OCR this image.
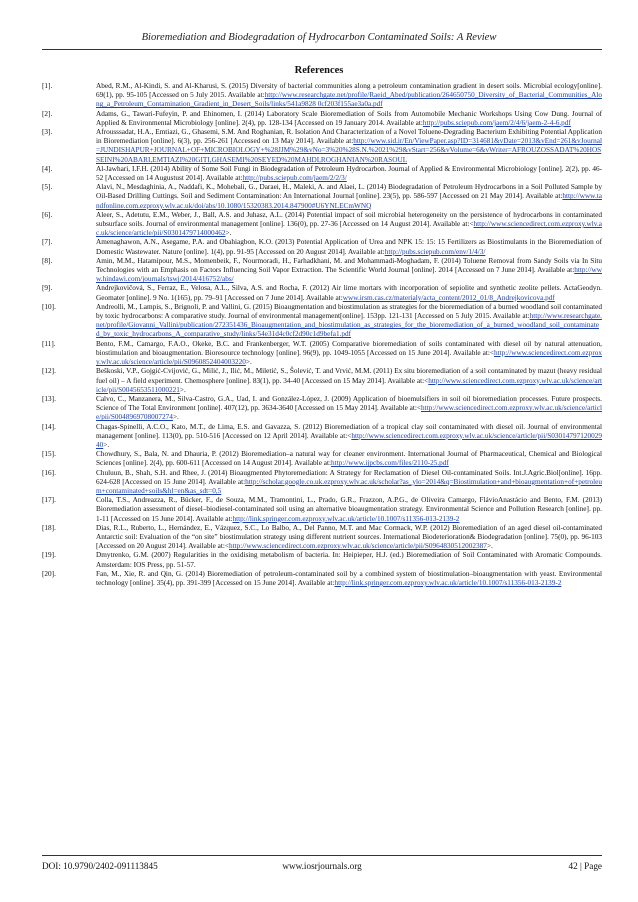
Bioremediation and Biodegradation of Hydrocarbon Contaminated Soils: A Review
References
[1].	Abed, R.M., Al-Kindi, S. and Al-Kharusi, S. (2015) Diversity of bacterial communities along a petroleum contamination gradient in desert soils. Microbial ecology[online]. 69(1), pp. 95-105 [Accessed on 5 July 2015. Available at:http://www.researchgate.net/profile/Raeid_Abed/publication/264650750_Diversity_of_Bacterial_Communities_Along_a_Petroleum_Contamination_Gradient_in_Desert_Soils/links/541a9828 0cf203f155ae3a0a.pdf
[2].	Adams, G., Tawari-Fufeyin, P. and Ehinomen, I. (2014) Laboratory Scale Bioremediation of Soils from Automobile Mechanic Workshops Using Cow Dung. Journal of Applied & Environmental Microbiology [online]. 2(4), pp. 128-134 [Accessed on 19 January 2014. Available at:http://pubs.sciepub.com/jaem/2/4/6/jaem-2-4-6.pdf
[3].	Afrousssadat, H.A., Emtiazi, G., Ghasemi, S.M. And Roghanian, R. Isolation And Characterization of a Novel Toluene-Degrading Bacterium Exhibiting Potential Application in Bioremediation [online]. 6(3), pp. 256-261 [Accessed on 13 May 2014]. Available at:http://www.sid.ir/En/ViewPaper.asp?ID=314681&vDate=2013&vEnd=261&vJournal=JUNDISHAPUR+JOURNAL+OF+MICROBIOLOGY+%28JJM%29&vNo=3%20%28S.N.%2021%29&vStart=256&vVolume=6&vWriter=AFROUZOSSADAT%20HOSSEINI%20ABARI,EMTIAZI%20GITI,GHASEMI%20SEYED%20MAHDI,ROGHANIAN%20RASOUL
[4].	Al-Jawhari, I.F.H. (2014) Ability of Some Soil Fungi in Biodegradation of Petroleum Hydrocarbon. Journal of Applied & Environmental Microbiology [online]. 2(2), pp. 46-52 [Accessed on 14 Augustust 2014]. Available at:http://pubs.sciepub.com/jaem/2/2/3/
[5].	Alavi, N., Mesdaghinia, A., Naddafi, K., Mohebali, G., Daraei, H., Maleki, A. and Alaei, L. (2014) Biodegradation of Petroleum Hydrocarbons in a Soil Polluted Sample by Oil-Based Drilling Cuttings. Soil and Sediment Contamination: An International Journal [online]. 23(5), pp. 586-597 [Accessed on 21 May 2014]. Available at:http://www.tandfonline.com.ezproxy.wlv.ac.uk/doi/abs/10.1080/15320383.2014.847900#U6YNLECmWNQ
[6].	Aleer, S., Adetutu, E.M., Weber, J., Ball, A.S. and Juhasz, A.L. (2014) Potential impact of soil microbial heterogeneity on the persistence of hydrocarbons in contaminated subsurface soils. Journal of environmental management [online]. 136(0), pp. 27-36 [Accessed on 14 August 2014]. Available at:<http://www.sciencedirect.com.ezproxy.wlv.ac.uk/science/article/pii/S0301479714000462>.
[7].	Amenaghawon, A.N., Asegame, P.A. and Obahiagbon, K.O. (2013) Potential Application of Urea and NPK 15: 15: 15 Fertilizers as Biostimulants in the Bioremediation of Domestic Wastewater. Nature [online]. 1(4), pp. 91-95 [Accessed on 20 August 2014]. Available at:http://pubs.sciepub.com/env/1/4/3/
[8].	Amin, M.M., Hatamipour, M.S., Momenbeik, F., Nourmoradi, H., Farhadkhani, M. and Mohammadi-Moghadam, F. (2014) Toluene Removal from Sandy Soils via In Situ Technologies with an Emphasis on Factors Influencing Soil Vapor Extraction. The Scientific World Journal [online]. 2014 [Accessed on 7 June 2014]. Available at:http://www.hindawi.com/journals/tswj/2014/416752/abs/
[9].	Andrejkovičová, S., Ferraz, E., Velosa, A.L., Silva, A.S. and Rocha, F. (2012) Air lime mortars with incorporation of sepiolite and synthetic zeolite pellets. ActaGeodyn. Geomater [online]. 9 No. 1(165), pp. 79–91 [Accessed on 7 June 2014]. Available at:www.irsm.cas.cz/materialy/acta_content/2012_01/8_Andrejkovicova.pdf
[10].	Andreolli, M., Lampis, S., Brignoli, P. and Vallini, G. (2015) Bioaugmentation and biostimulation as strategies for the bioremediation of a burned woodland soil contaminated by toxic hydrocarbons: A comparative study. Journal of environmental management[online]. 153pp. 121-131 [Accessed on 5 July 2015. Available at:http://www.researchgate.net/profile/Giovanni_Vallini/publication/272351436_Bioaugmentation_and_biostimulation_as_strategies_for_the_bioremediation_of_a_burned_woodland_soil_contaminated_by_toxic_hydrocarbons_A_comparative_study/links/54e31d4c0cf2d90c1d9befa1.pdf
[11].	Bento, F.M., Camargo, F.A.O., Okeke, B.C. and Frankenberger, W.T. (2005) Comparative bioremediation of soils contaminated with diesel oil by natural attenuation, biostimulation and bioaugmentation. Bioresource technology [online]. 96(9), pp. 1049-1055 [Accessed on 15 June 2014]. Available at:<http://www.sciencedirect.com.ezproxy.wlv.ac.uk/science/article/pii/S0960852404003220>.
[12].	Beškoski, V.P., Gojgić-Cvijović, G., Milić, J., Ilić, M., Miletić, S., Šolević, T. and Vrvić, M.M. (2011) Ex situ bioremediation of a soil contaminated by mazut (heavy residual fuel oil) – A field experiment. Chemosphere [online]. 83(1), pp. 34-40 [Accessed on 15 May 2014]. Available at:<http://www.sciencedirect.com.ezproxy.wlv.ac.uk/science/article/pii/S0045653511000221>.
[13].	Calvo, C., Manzanera, M., Silva-Castro, G.A., Uad, I. and González-López, J. (2009) Application of bioemulsifiers in soil oil bioremediation processes. Future prospects. Science of The Total Environment [online]. 407(12), pp. 3634-3640 [Accessed on 15 May 2014]. Available at:<http://www.sciencedirect.com.ezproxy.wlv.ac.uk/science/article/pii/S0048969708007274>.
[14].	Chagas-Spinelli, A.C.O., Kato, M.T., de Lima, E.S. and Gavazza, S. (2012) Bioremediation of a tropical clay soil contaminated with diesel oil. Journal of environmental management [online]. 113(0), pp. 510-516 [Accessed on 12 April 2014]. Available at:<http://www.sciencedirect.com.ezproxy.wlv.ac.uk/science/article/pii/S0301479712002940>.
[15].	Chowdhury, S., Bala, N. and Dhauria, P. (2012) Bioremediation–a natural way for cleaner environment. International Journal of Pharmaceutical, Chemical and Biological Sciences [online]. 2(4), pp. 600-611 [Accessed on 14 August 2014]. Available at:http://www.ijpcbs.com/files/2110-25.pdf
[16].	Chuluun, B., Shah, S.H. and Rhee, J. (2014) Bioaugmented Phytoremediation: A Strategy for Reclamation of Diesel Oil-contaminated Soils. Int.J.Agric.Biol[online]. 16pp. 624-628 [Accessed on 15 June 2014]. Available at:http://scholar.google.co.uk.ezproxy.wlv.ac.uk/scholar?as_ylo=2014&q=Biostimulation+and+bioaugmentation+of+petroleum+contaminated+soils&hl=en&as_sdt=0,5
[17].	Colla, T.S., Andreazza, R., Bücker, F., de Souza, M.M., Tramontini, L., Prado, G.R., Frazzon, A.P.G., de Oliveira Camargo, FlávioAnastácio and Bento, F.M. (2013) Bioremediation assessment of diesel–biodiesel-contaminated soil using an alternative bioaugmentation strategy. Environmental Science and Pollution Research [online]. pp. 1-11 [Accessed on 15 June 2014]. Available at:http://link.springer.com.ezproxy.wlv.ac.uk/article/10.1007/s11356-013-2139-2
[18].	Dias, R.L., Ruberto, L., Hernández, E., Vázquez, S.C., Lo Balbo, A., Del Panno, M.T. and Mac Cormack, W.P. (2012) Bioremediation of an aged diesel oil-contaminated Antarctic soil: Evaluation of the “on site” biostimulation strategy using different nutrient sources. International Biodeterioration& Biodegradation [online]. 75(0), pp. 96-103 [Accessed on 20 August 2014]. Available at:<http://www.sciencedirect.com.ezproxy.wlv.ac.uk/science/article/pii/S0964830512002387>.
[19].	Dmytrenko, G.M. (2007) Regularities in the oxidising metabolism of bacteria. In: Heipieper, H.J. (ed.) Bioremediation of Soil Contaminated with Aromatic Compounds. Amsterdam: IOS Press, pp. 51-57.
[20].	Fan, M., Xie, R. and Qin, G. (2014) Bioremediation of petroleum-contaminated soil by a combined system of biostimulation–bioaugmentation with yeast. Environmental technology [online]. 35(4), pp. 391-399 [Accessed on 15 June 2014]. Available at:http://link.springer.com.ezproxy.wlv.ac.uk/article/10.1007/s11356-013-2139-2
DOI: 10.9790/2402-091113845	www.iosrjournals.org	42 | Page
